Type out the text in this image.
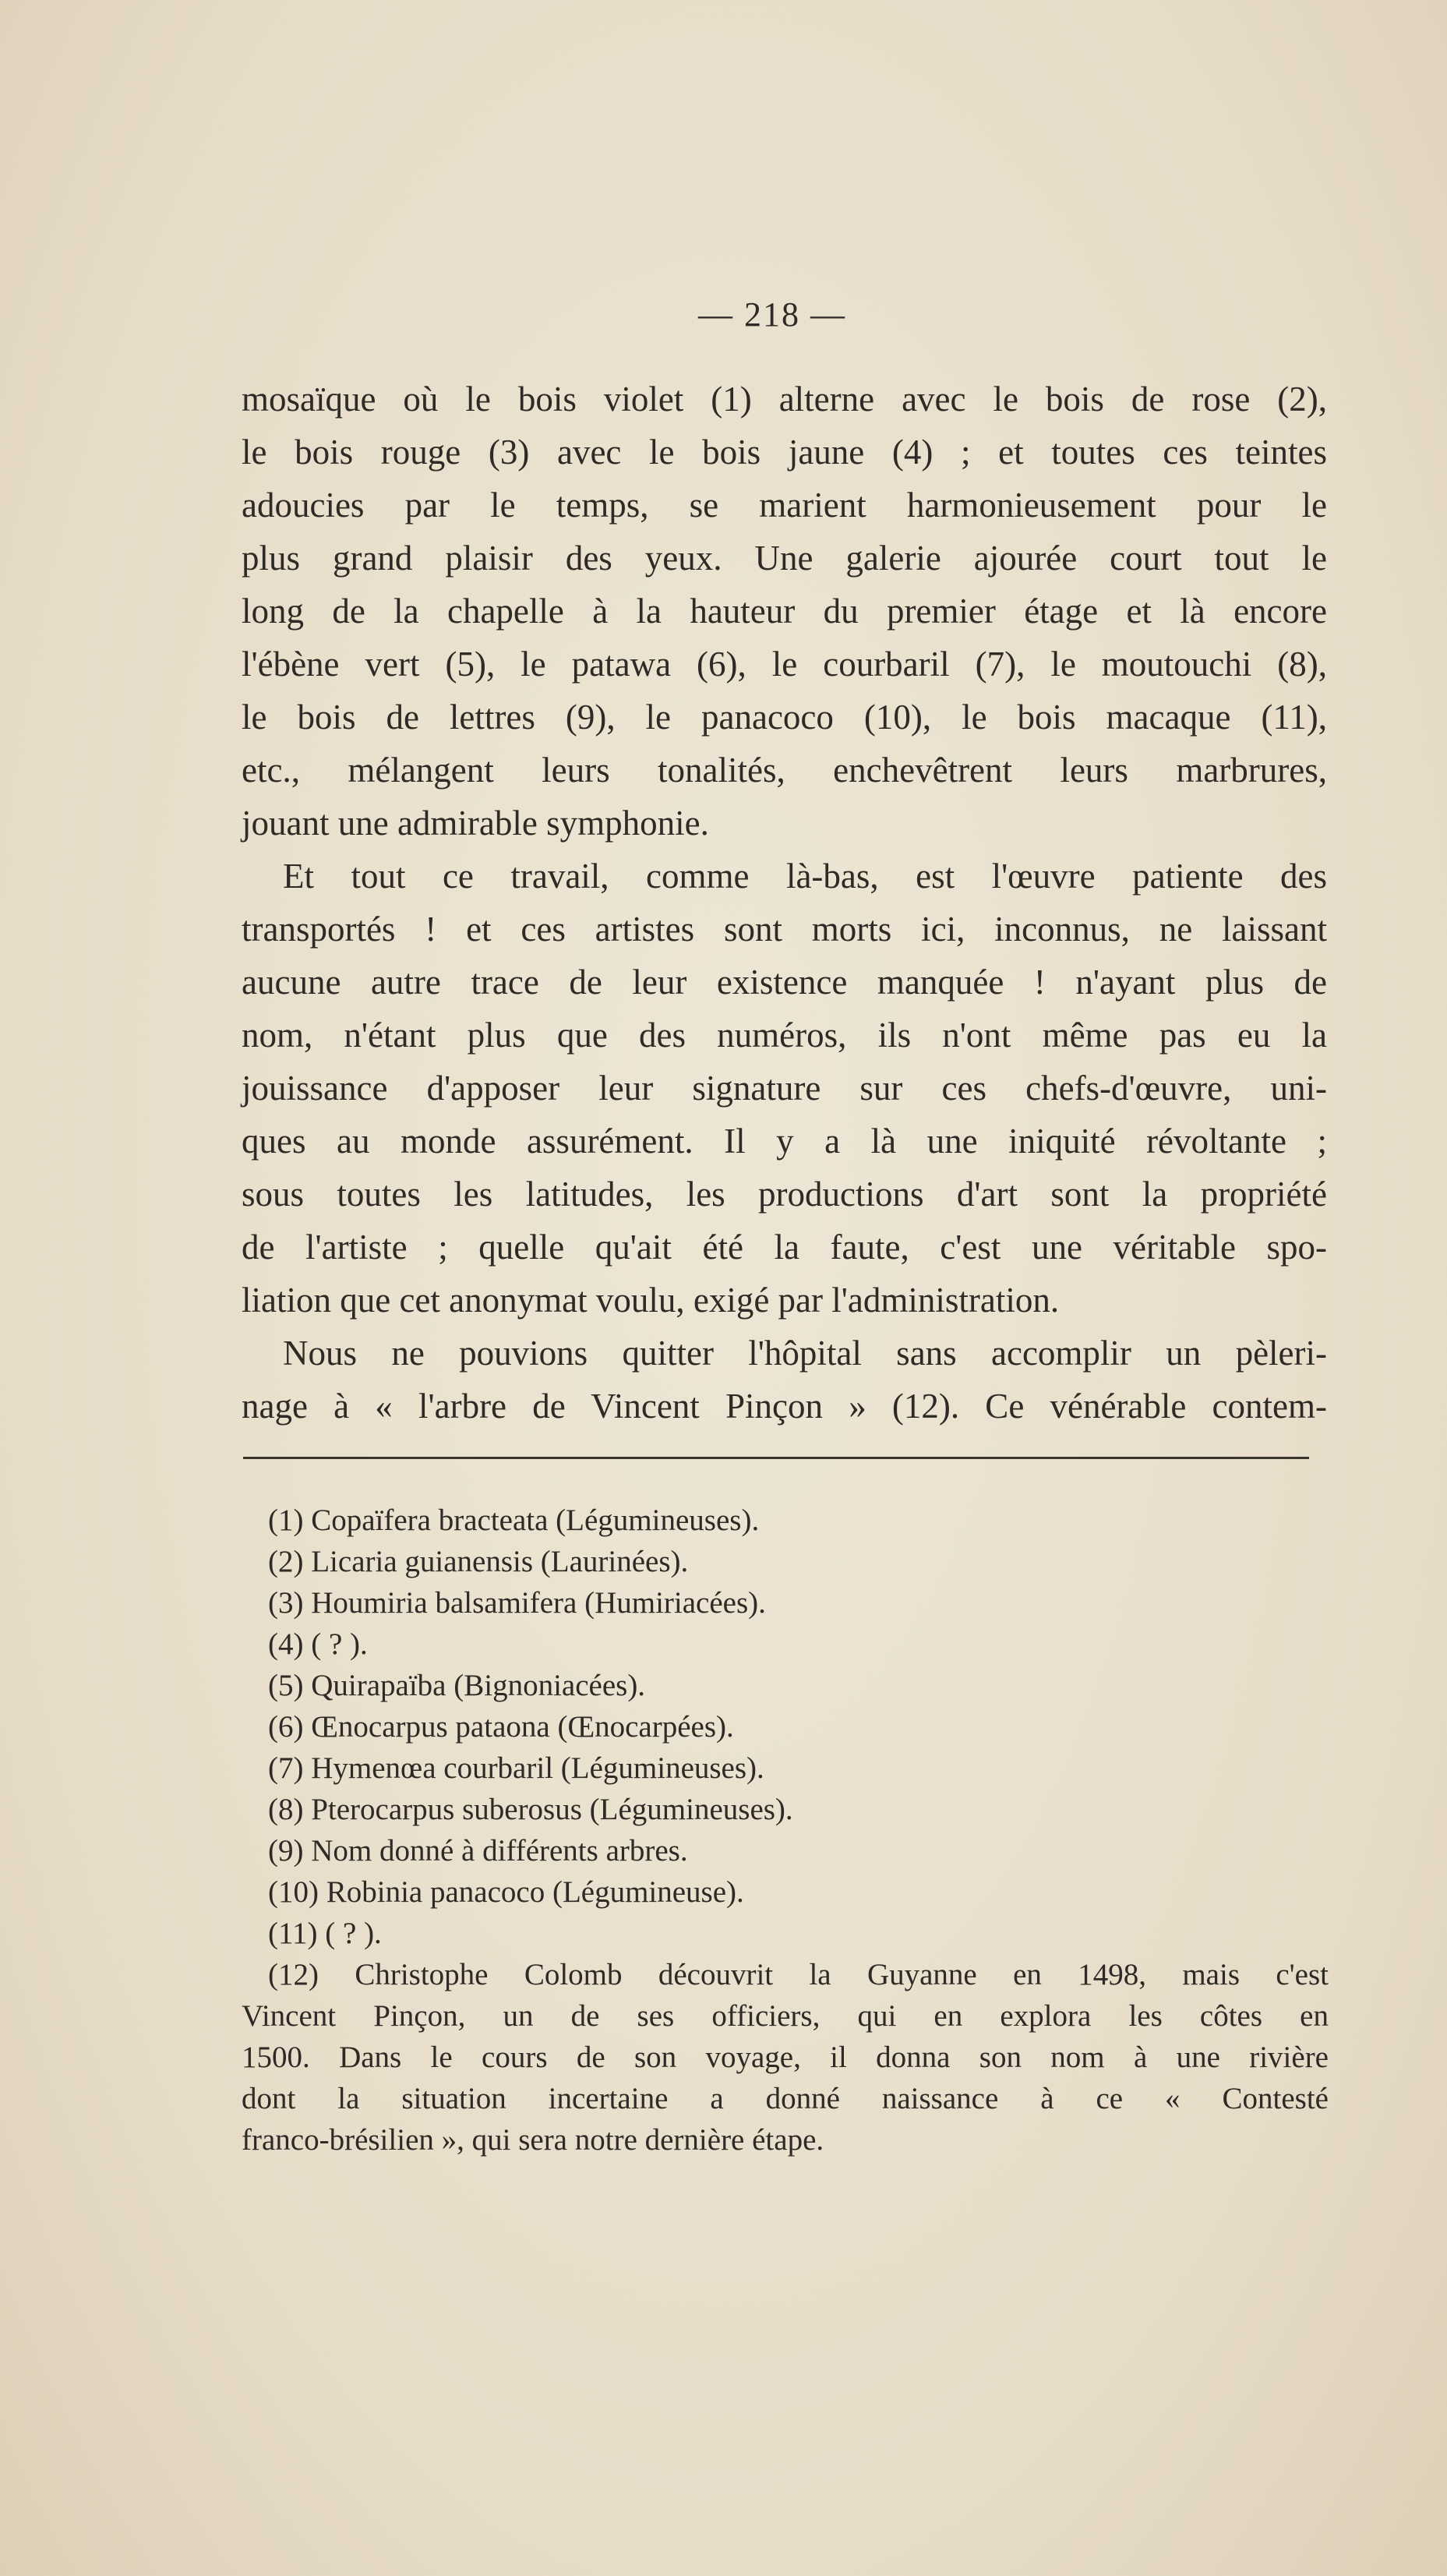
— 218 —
mosaïque où le bois violet (1) alterne avec le bois de rose (2),
le bois rouge (3) avec le bois jaune (4) ; et toutes ces teintes
adoucies par le temps, se marient harmonieusement pour le
plus grand plaisir des yeux. Une galerie ajourée court tout le
long de la chapelle à la hauteur du premier étage et là encore
l'ébène vert (5), le patawa (6), le courbaril (7), le moutouchi (8),
le bois de lettres (9), le panacoco (10), le bois macaque (11),
etc., mélangent leurs tonalités, enchevêtrent leurs marbrures,
jouant une admirable symphonie.
Et tout ce travail, comme là-bas, est l'œuvre patiente des
transportés ! et ces artistes sont morts ici, inconnus, ne laissant
aucune autre trace de leur existence manquée ! n'ayant plus de
nom, n'étant plus que des numéros, ils n'ont même pas eu la
jouissance d'apposer leur signature sur ces chefs-d'œuvre, uni-
ques au monde assurément. Il y a là une iniquité révoltante ;
sous toutes les latitudes, les productions d'art sont la propriété
de l'artiste ; quelle qu'ait été la faute, c'est une véritable spo-
liation que cet anonymat voulu, exigé par l'administration.
Nous ne pouvions quitter l'hôpital sans accomplir un pèleri-
nage à « l'arbre de Vincent Pinçon » (12). Ce vénérable contem-
(1) Copaïfera bracteata (Légumineuses).
(2) Licaria guianensis (Laurinées).
(3) Houmiria balsamifera (Humiriacées).
(4) ( ? ).
(5) Quirapaïba (Bignoniacées).
(6) Œnocarpus pataona (Œnocarpées).
(7) Hymenœa courbaril (Légumineuses).
(8) Pterocarpus suberosus (Légumineuses).
(9) Nom donné à différents arbres.
(10) Robinia panacoco (Légumineuse).
(11) ( ? ).
(12) Christophe Colomb découvrit la Guyanne en 1498, mais c'est
Vincent Pinçon, un de ses officiers, qui en explora les côtes en
1500. Dans le cours de son voyage, il donna son nom à une rivière
dont la situation incertaine a donné naissance à ce « Contesté
franco-brésilien », qui sera notre dernière étape.
